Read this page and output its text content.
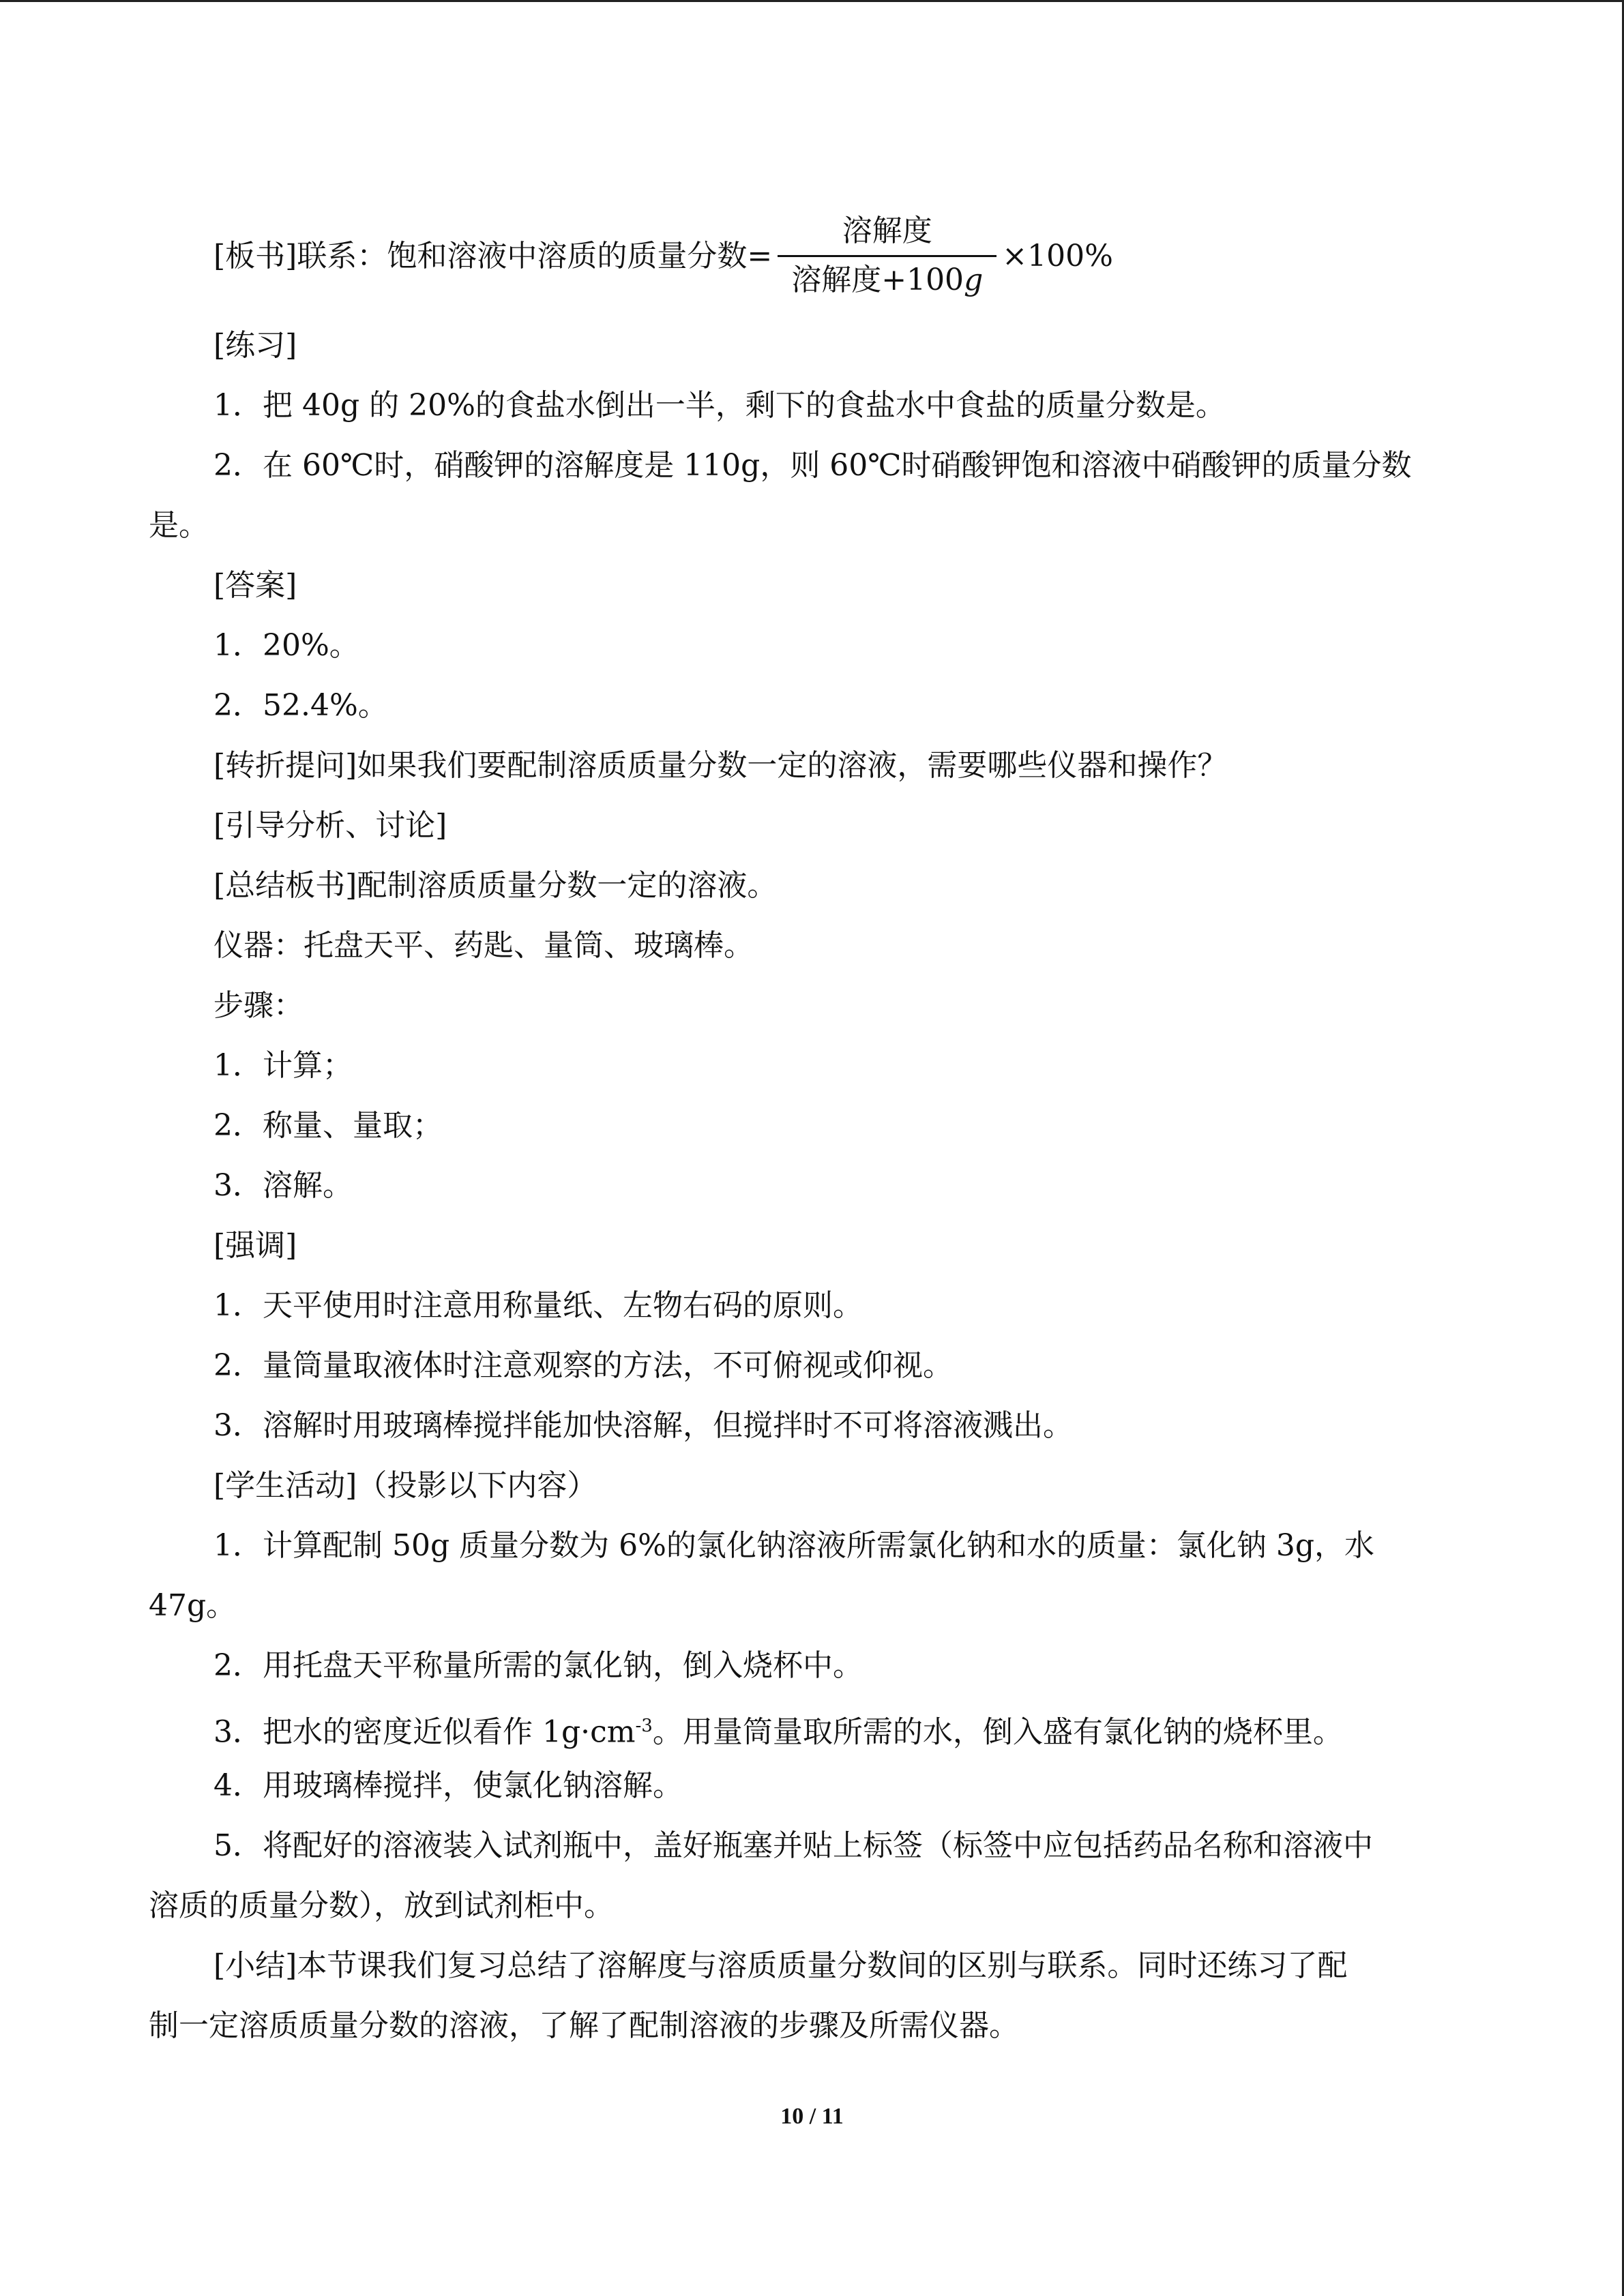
[板书]联系：饱和溶液中溶质的质量分数= $\frac{\text{溶解度}}{\text{溶解度+100g}} \times 100\%$
[练习]
1．把 40g 的 20%的食盐水倒出一半，剩下的食盐水中食盐的质量分数是。
2．在 60℃时，硝酸钾的溶解度是 110g，则 60℃时硝酸钾饱和溶液中硝酸钾的质量分数
是。
[答案]
1．20%。
2．52.4%。
[转折提问]如果我们要配制溶质质量分数一定的溶液，需要哪些仪器和操作？
[引导分析、讨论]
[总结板书]配制溶质质量分数一定的溶液。
仪器：托盘天平、药匙、量筒、玻璃棒。
步骤：
1．计算；
2．称量、量取；
3．溶解。
[强调]
1．天平使用时注意用称量纸、左物右码的原则。
2．量筒量取液体时注意观察的方法，不可俯视或仰视。
3．溶解时用玻璃棒搅拌能加快溶解，但搅拌时不可将溶液溅出。
[学生活动]（投影以下内容）
1．计算配制 50g 质量分数为 6%的氯化钠溶液所需氯化钠和水的质量：氯化钠 3g，水
47g。
2．用托盘天平称量所需的氯化钠，倒入烧杯中。
3．把水的密度近似看作 $1g\cdot cm^{-3}$。用量筒量取所需的水，倒入盛有氯化钠的烧杯里。
4．用玻璃棒搅拌，使氯化钠溶解。
5．将配好的溶液装入试剂瓶中，盖好瓶塞并贴上标签（标签中应包括药品名称和溶液中
溶质的质量分数），放到试剂柜中。
[小结]本节课我们复习总结了溶解度与溶质质量分数间的区别与联系。同时还练习了配
制一定溶质质量分数的溶液，了解了配制溶液的步骤及所需仪器。
10 / 11
